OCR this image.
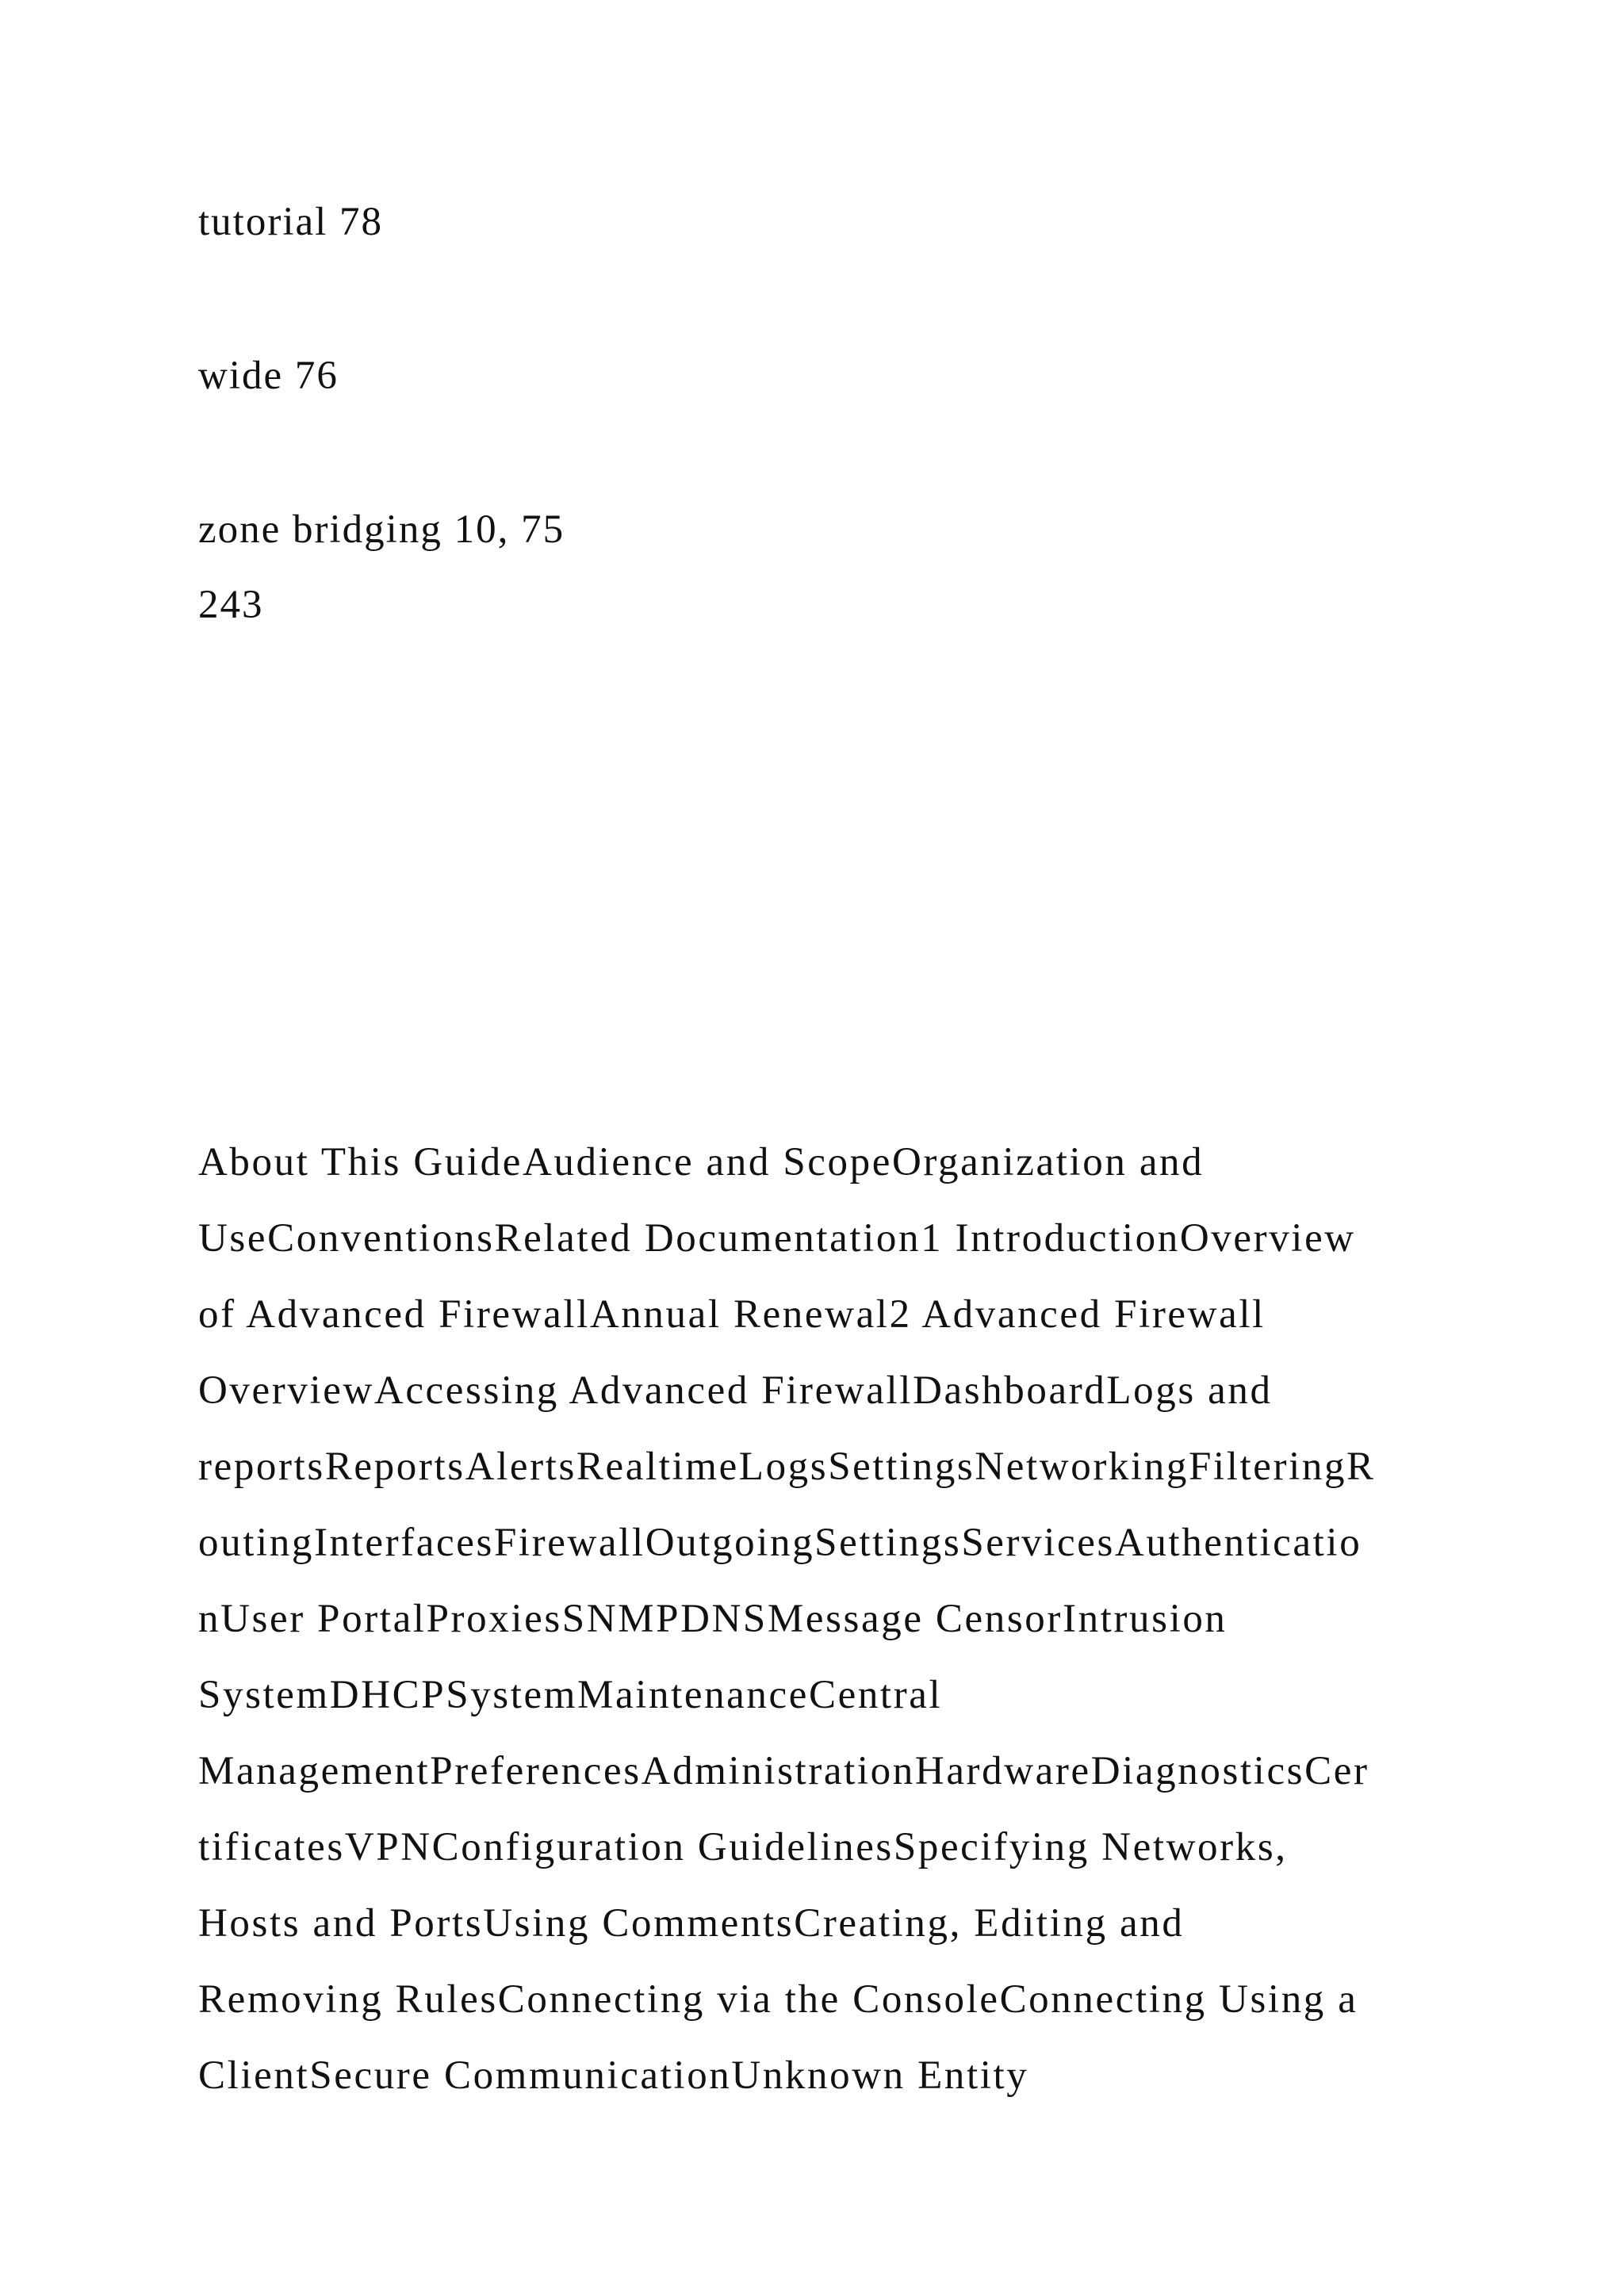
tutorial 78

wide 76

zone bridging 10, 75

243

About This GuideAudience and ScopeOrganization and

UseConventionsRelated Documentation1 IntroductionOverview

of Advanced FirewallAnnual Renewal2 Advanced Firewall

OverviewAccessing Advanced FirewallDashboardLogs and

reportsReportsAlertsRealtimeLogsSettingsNetworkingFilteringR

outingInterfacesFirewallOutgoingSettingsServicesAuthenticatio

nUser PortalProxiesSNMPDNSMessage CensorIntrusion

SystemDHCPSystemMaintenanceCentral

ManagementPreferencesAdministrationHardwareDiagnosticsCer

tificatesVPNConfiguration GuidelinesSpecifying Networks,

Hosts and PortsUsing CommentsCreating, Editing and

Removing RulesConnecting via the ConsoleConnecting Using a

ClientSecure CommunicationUnknown Entity
